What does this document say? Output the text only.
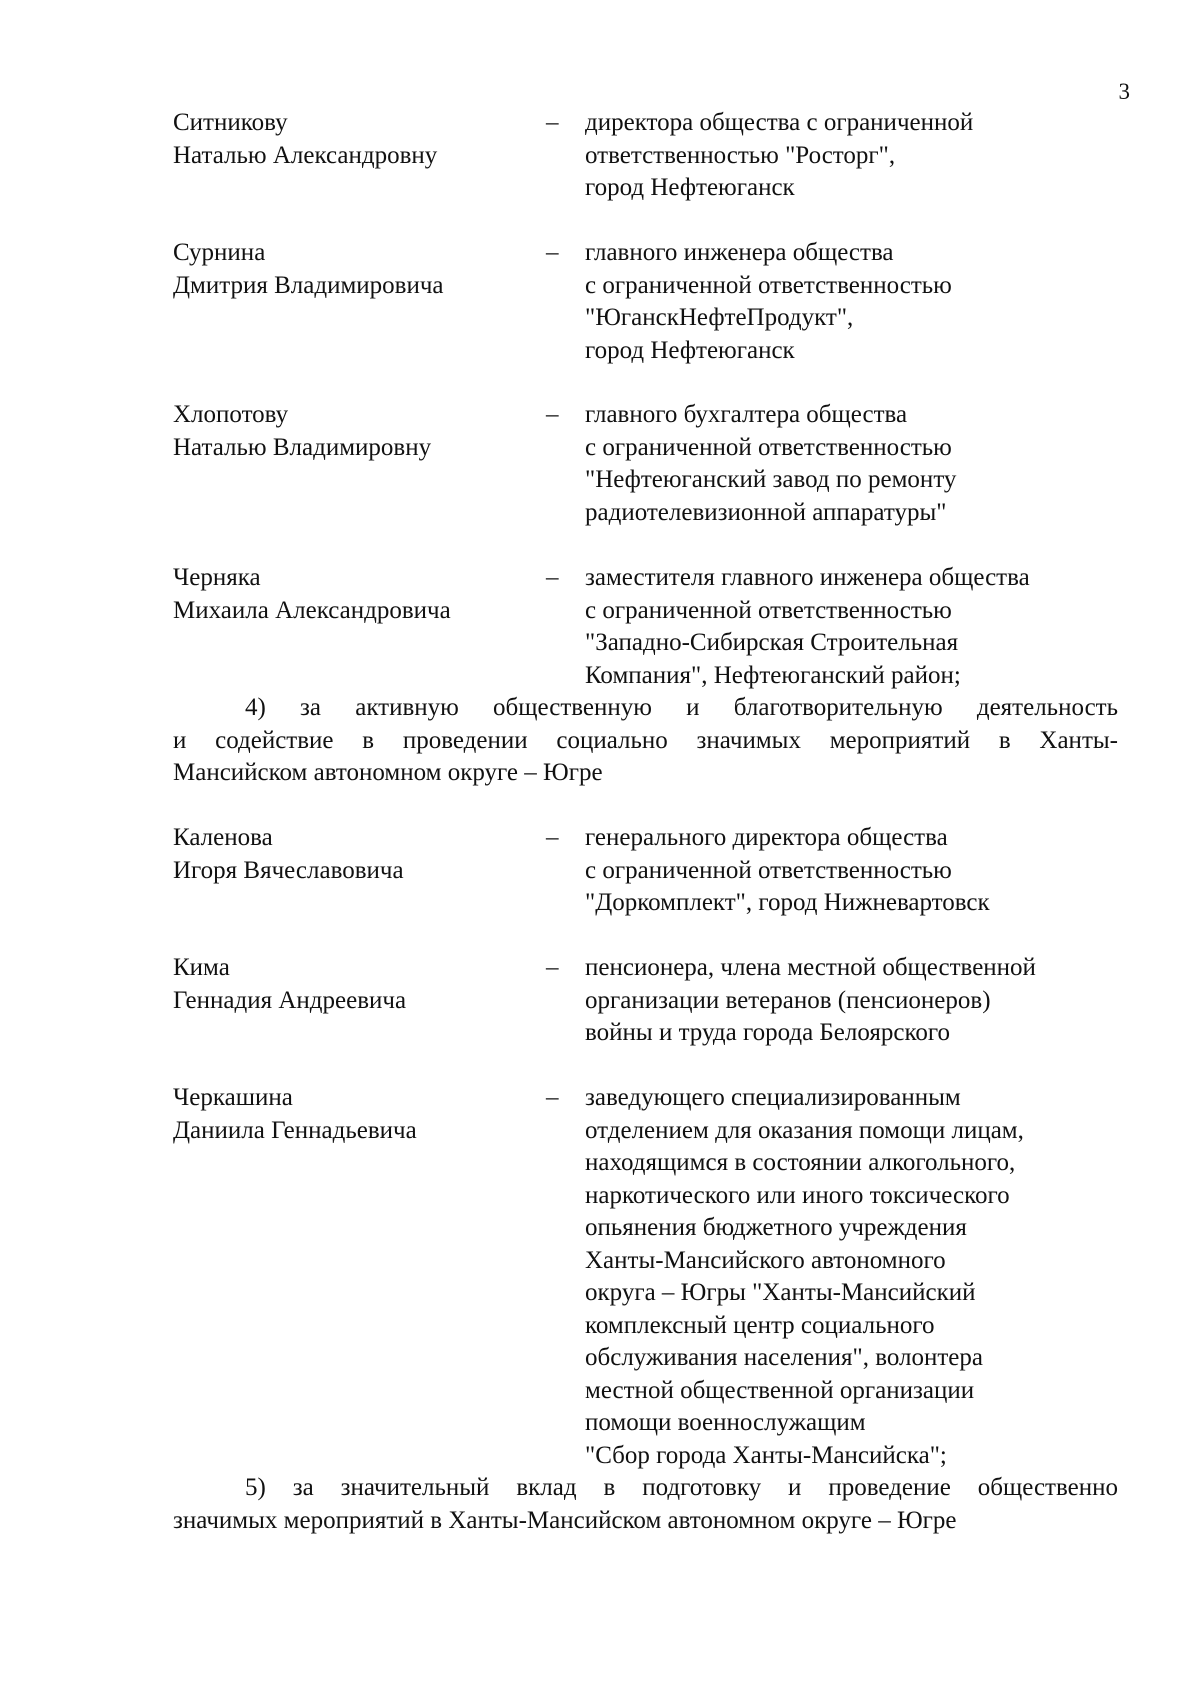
3
Ситникову
Наталью Александровну
–	директора общества с ограниченной
ответственностью "Росторг",
город Нефтеюганск
Сурнина
Дмитрия Владимировича
–	главного инженера общества
с ограниченной ответственностью
"ЮганскНефтеПродукт",
город Нефтеюганск
Хлопотову
Наталью Владимировну
–	главного бухгалтера общества
с ограниченной ответственностью
"Нефтеюганский завод по ремонту
радиотелевизионной аппаратуры"
Черняка
Михаила Александровича
–	заместителя главного инженера общества
с ограниченной ответственностью
"Западно-Сибирская Строительная
Компания", Нефтеюганский район;
4) за активную общественную и благотворительную деятельность
и содействие в проведении социально значимых мероприятий в Ханты-
Мансийском автономном округе – Югре
Каленова
Игоря Вячеславовича
–	генерального директора общества
с ограниченной ответственностью
"Доркомплект", город Нижневартовск
Кима
Геннадия Андреевича
–	пенсионера, члена местной общественной
организации ветеранов (пенсионеров)
войны и труда города Белоярского
Черкашина
Даниила Геннадьевича
–	заведующего специализированным
отделением для оказания помощи лицам,
находящимся в состоянии алкогольного,
наркотического или иного токсического
опьянения бюджетного учреждения
Ханты-Мансийского автономного
округа – Югры "Ханты-Мансийский
комплексный центр социального
обслуживания населения", волонтера
местной общественной организации
помощи военнослужащим
"Сбор города Ханты-Мансийска";
5) за значительный вклад в подготовку и проведение общественно
значимых мероприятий в Ханты-Мансийском автономном округе – Югре
